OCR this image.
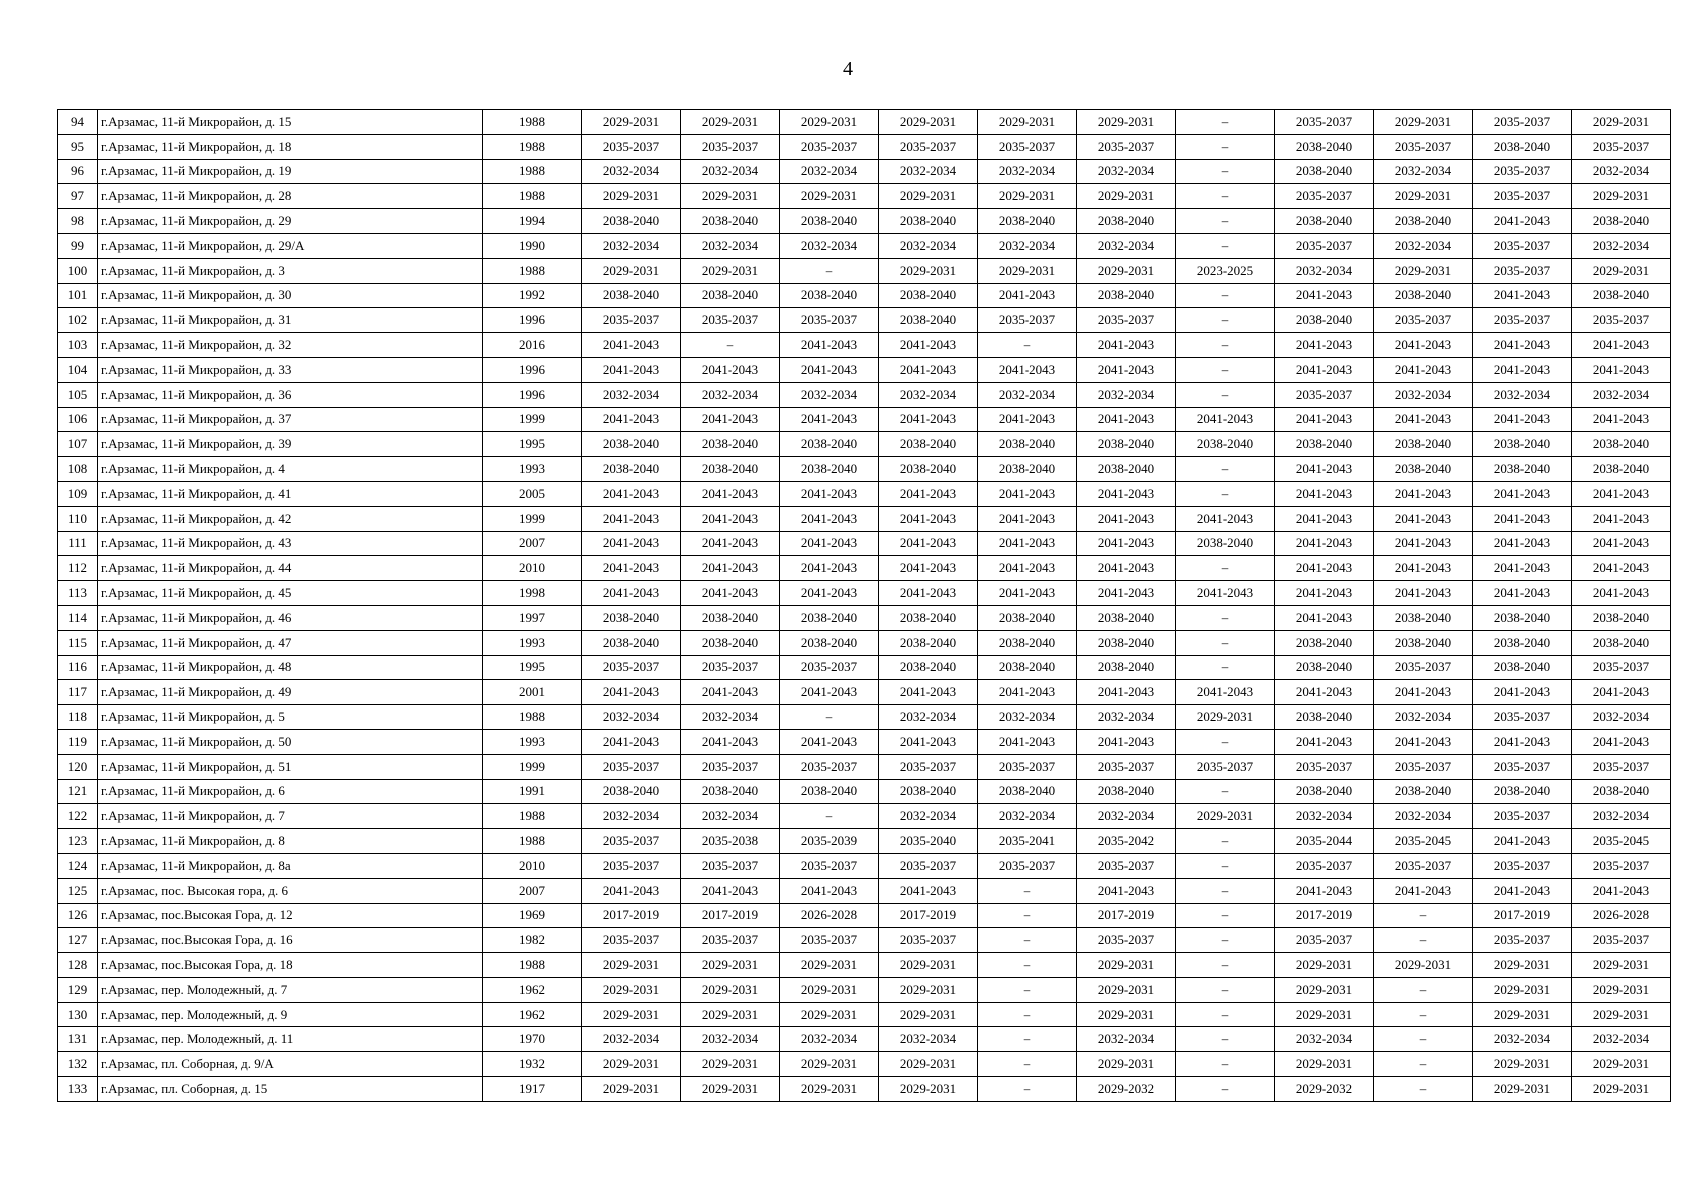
4
94	г.Арзамас, 11-й Микрорайон, д. 15	1988	2029-2031	2029-2031	2029-2031	2029-2031	2029-2031	2029-2031	–	2035-2037	2029-2031	2035-2037	2029-2031
95	г.Арзамас, 11-й Микрорайон, д. 18	1988	2035-2037	2035-2037	2035-2037	2035-2037	2035-2037	2035-2037	–	2038-2040	2035-2037	2038-2040	2035-2037
96	г.Арзамас, 11-й Микрорайон, д. 19	1988	2032-2034	2032-2034	2032-2034	2032-2034	2032-2034	2032-2034	–	2038-2040	2032-2034	2035-2037	2032-2034
97	г.Арзамас, 11-й Микрорайон, д. 28	1988	2029-2031	2029-2031	2029-2031	2029-2031	2029-2031	2029-2031	–	2035-2037	2029-2031	2035-2037	2029-2031
98	г.Арзамас, 11-й Микрорайон, д. 29	1994	2038-2040	2038-2040	2038-2040	2038-2040	2038-2040	2038-2040	–	2038-2040	2038-2040	2041-2043	2038-2040
99	г.Арзамас, 11-й Микрорайон, д. 29/А	1990	2032-2034	2032-2034	2032-2034	2032-2034	2032-2034	2032-2034	–	2035-2037	2032-2034	2035-2037	2032-2034
100	г.Арзамас, 11-й Микрорайон, д. 3	1988	2029-2031	2029-2031	–	2029-2031	2029-2031	2029-2031	2023-2025	2032-2034	2029-2031	2035-2037	2029-2031
101	г.Арзамас, 11-й Микрорайон, д. 30	1992	2038-2040	2038-2040	2038-2040	2038-2040	2041-2043	2038-2040	–	2041-2043	2038-2040	2041-2043	2038-2040
102	г.Арзамас, 11-й Микрорайон, д. 31	1996	2035-2037	2035-2037	2035-2037	2038-2040	2035-2037	2035-2037	–	2038-2040	2035-2037	2035-2037	2035-2037
103	г.Арзамас, 11-й Микрорайон, д. 32	2016	2041-2043	–	2041-2043	2041-2043	–	2041-2043	–	2041-2043	2041-2043	2041-2043	2041-2043
104	г.Арзамас, 11-й Микрорайон, д. 33	1996	2041-2043	2041-2043	2041-2043	2041-2043	2041-2043	2041-2043	–	2041-2043	2041-2043	2041-2043	2041-2043
105	г.Арзамас, 11-й Микрорайон, д. 36	1996	2032-2034	2032-2034	2032-2034	2032-2034	2032-2034	2032-2034	–	2035-2037	2032-2034	2032-2034	2032-2034
106	г.Арзамас, 11-й Микрорайон, д. 37	1999	2041-2043	2041-2043	2041-2043	2041-2043	2041-2043	2041-2043	2041-2043	2041-2043	2041-2043	2041-2043	2041-2043
107	г.Арзамас, 11-й Микрорайон, д. 39	1995	2038-2040	2038-2040	2038-2040	2038-2040	2038-2040	2038-2040	2038-2040	2038-2040	2038-2040	2038-2040	2038-2040
108	г.Арзамас, 11-й Микрорайон, д. 4	1993	2038-2040	2038-2040	2038-2040	2038-2040	2038-2040	2038-2040	–	2041-2043	2038-2040	2038-2040	2038-2040
109	г.Арзамас, 11-й Микрорайон, д. 41	2005	2041-2043	2041-2043	2041-2043	2041-2043	2041-2043	2041-2043	–	2041-2043	2041-2043	2041-2043	2041-2043
110	г.Арзамас, 11-й Микрорайон, д. 42	1999	2041-2043	2041-2043	2041-2043	2041-2043	2041-2043	2041-2043	2041-2043	2041-2043	2041-2043	2041-2043	2041-2043
111	г.Арзамас, 11-й Микрорайон, д. 43	2007	2041-2043	2041-2043	2041-2043	2041-2043	2041-2043	2041-2043	2038-2040	2041-2043	2041-2043	2041-2043	2041-2043
112	г.Арзамас, 11-й Микрорайон, д. 44	2010	2041-2043	2041-2043	2041-2043	2041-2043	2041-2043	2041-2043	–	2041-2043	2041-2043	2041-2043	2041-2043
113	г.Арзамас, 11-й Микрорайон, д. 45	1998	2041-2043	2041-2043	2041-2043	2041-2043	2041-2043	2041-2043	2041-2043	2041-2043	2041-2043	2041-2043	2041-2043
114	г.Арзамас, 11-й Микрорайон, д. 46	1997	2038-2040	2038-2040	2038-2040	2038-2040	2038-2040	2038-2040	–	2041-2043	2038-2040	2038-2040	2038-2040
115	г.Арзамас, 11-й Микрорайон, д. 47	1993	2038-2040	2038-2040	2038-2040	2038-2040	2038-2040	2038-2040	–	2038-2040	2038-2040	2038-2040	2038-2040
116	г.Арзамас, 11-й Микрорайон, д. 48	1995	2035-2037	2035-2037	2035-2037	2038-2040	2038-2040	2038-2040	–	2038-2040	2035-2037	2038-2040	2035-2037
117	г.Арзамас, 11-й Микрорайон, д. 49	2001	2041-2043	2041-2043	2041-2043	2041-2043	2041-2043	2041-2043	2041-2043	2041-2043	2041-2043	2041-2043	2041-2043
118	г.Арзамас, 11-й Микрорайон, д. 5	1988	2032-2034	2032-2034	–	2032-2034	2032-2034	2032-2034	2029-2031	2038-2040	2032-2034	2035-2037	2032-2034
119	г.Арзамас, 11-й Микрорайон, д. 50	1993	2041-2043	2041-2043	2041-2043	2041-2043	2041-2043	2041-2043	–	2041-2043	2041-2043	2041-2043	2041-2043
120	г.Арзамас, 11-й Микрорайон, д. 51	1999	2035-2037	2035-2037	2035-2037	2035-2037	2035-2037	2035-2037	2035-2037	2035-2037	2035-2037	2035-2037	2035-2037
121	г.Арзамас, 11-й Микрорайон, д. 6	1991	2038-2040	2038-2040	2038-2040	2038-2040	2038-2040	2038-2040	–	2038-2040	2038-2040	2038-2040	2038-2040
122	г.Арзамас, 11-й Микрорайон, д. 7	1988	2032-2034	2032-2034	–	2032-2034	2032-2034	2032-2034	2029-2031	2032-2034	2032-2034	2035-2037	2032-2034
123	г.Арзамас, 11-й Микрорайон, д. 8	1988	2035-2037	2035-2038	2035-2039	2035-2040	2035-2041	2035-2042	–	2035-2044	2035-2045	2041-2043	2035-2045
124	г.Арзамас, 11-й Микрорайон, д. 8а	2010	2035-2037	2035-2037	2035-2037	2035-2037	2035-2037	2035-2037	–	2035-2037	2035-2037	2035-2037	2035-2037
125	г.Арзамас, пос. Высокая гора, д. 6	2007	2041-2043	2041-2043	2041-2043	2041-2043	–	2041-2043	–	2041-2043	2041-2043	2041-2043	2041-2043
126	г.Арзамас, пос.Высокая Гора, д. 12	1969	2017-2019	2017-2019	2026-2028	2017-2019	–	2017-2019	–	2017-2019	–	2017-2019	2026-2028
127	г.Арзамас, пос.Высокая Гора, д. 16	1982	2035-2037	2035-2037	2035-2037	2035-2037	–	2035-2037	–	2035-2037	–	2035-2037	2035-2037
128	г.Арзамас, пос.Высокая Гора, д. 18	1988	2029-2031	2029-2031	2029-2031	2029-2031	–	2029-2031	–	2029-2031	2029-2031	2029-2031	2029-2031
129	г.Арзамас, пер. Молодежный, д. 7	1962	2029-2031	2029-2031	2029-2031	2029-2031	–	2029-2031	–	2029-2031	–	2029-2031	2029-2031
130	г.Арзамас, пер. Молодежный, д. 9	1962	2029-2031	2029-2031	2029-2031	2029-2031	–	2029-2031	–	2029-2031	–	2029-2031	2029-2031
131	г.Арзамас, пер. Молодежный, д. 11	1970	2032-2034	2032-2034	2032-2034	2032-2034	–	2032-2034	–	2032-2034	–	2032-2034	2032-2034
132	г.Арзамас, пл. Соборная, д. 9/А	1932	2029-2031	2029-2031	2029-2031	2029-2031	–	2029-2031	–	2029-2031	–	2029-2031	2029-2031
133	г.Арзамас, пл. Соборная, д. 15	1917	2029-2031	2029-2031	2029-2031	2029-2031	–	2029-2032	–	2029-2032	–	2029-2031	2029-2031
